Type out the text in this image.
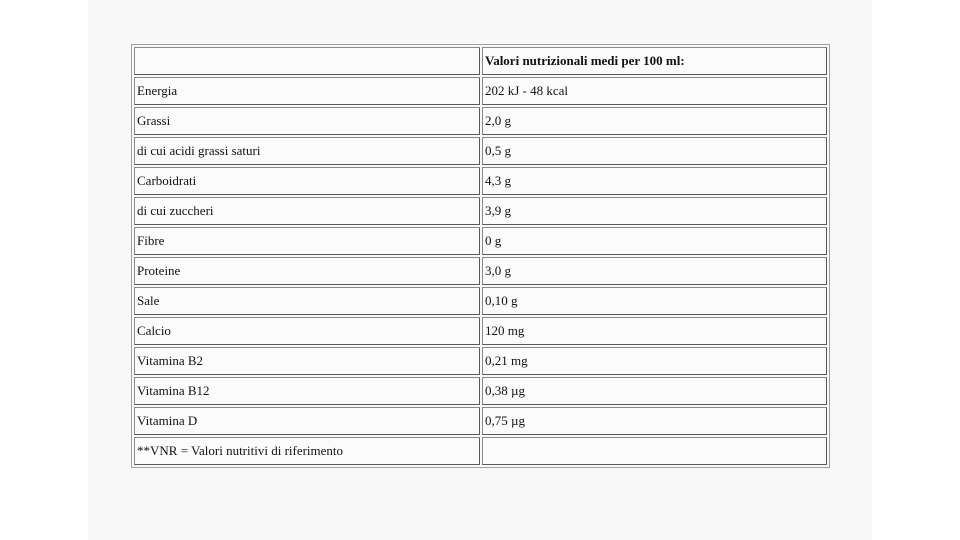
	Valori nutrizionali medi per 100 ml:
Energia	202 kJ - 48 kcal
Grassi	2,0 g
di cui acidi grassi saturi	0,5 g
Carboidrati	4,3 g
di cui zuccheri	3,9 g
Fibre	0 g
Proteine	3,0 g
Sale	0,10 g
Calcio	120 mg
Vitamina B2	0,21 mg
Vitamina B12	0,38 µg
Vitamina D	0,75 µg
**VNR = Valori nutritivi di riferimento	
